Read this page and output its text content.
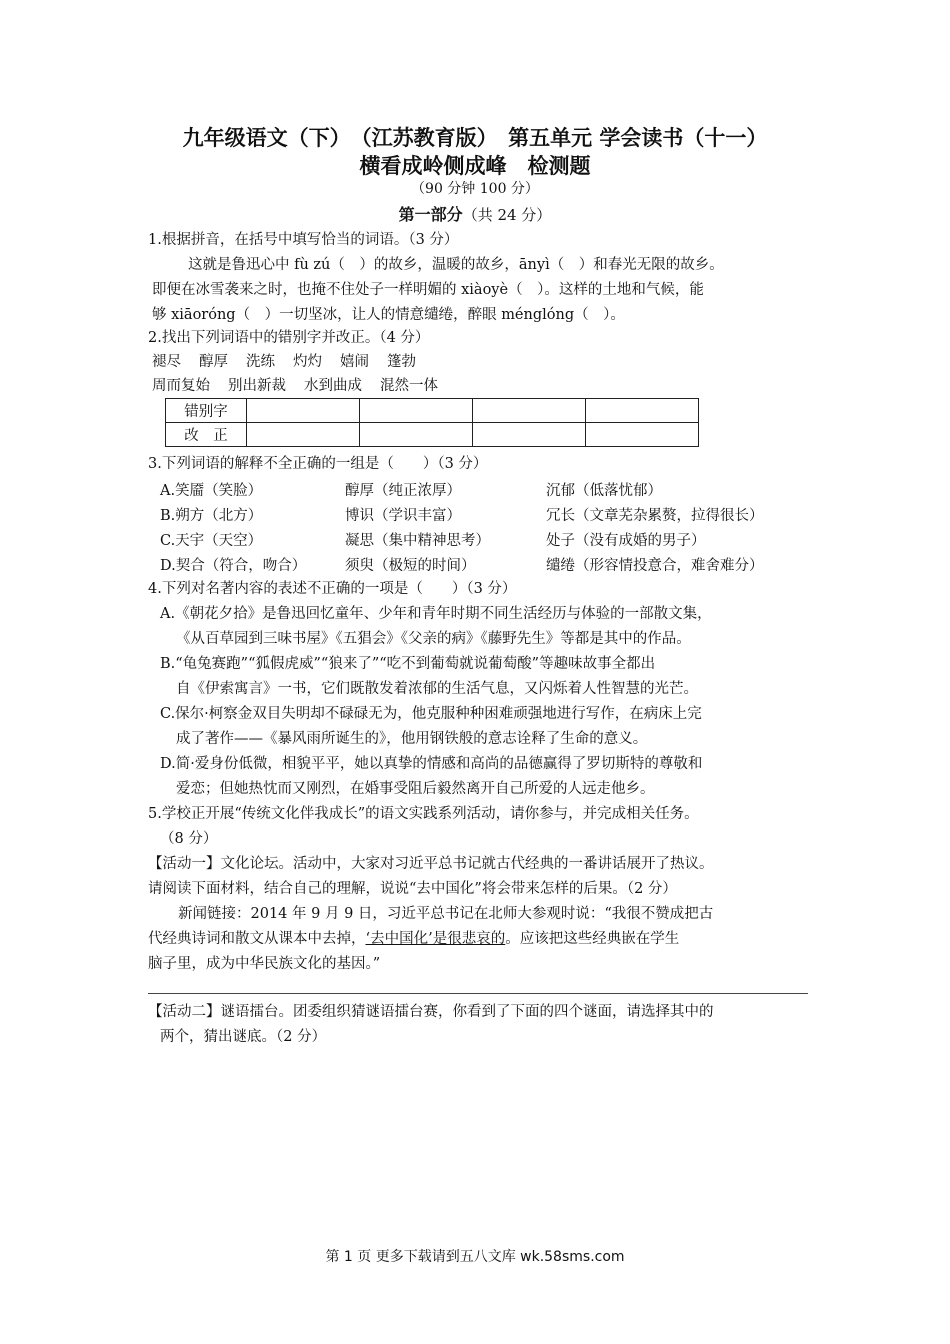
九年级语文（下）　（江苏教育版）　第五单元 学会读书（十一）
横看成岭侧成峰　检测题
（90 分钟 100 分）
第一部分（共 24 分）
1.根据拼音，在括号中填写恰当的词语。（3 分）
这就是鲁迅心中 fù zú（　）的故乡，温暖的故乡，ānyì（　）和春光无限的故乡。
即便在冰雪袭来之时，也掩不住处子一样明媚的 xiàoyè（　）。这样的土地和气候，能
够 xiāoróng（　）一切坚冰，让人的情意缱绻，醉眼 ménglóng（　）。
2.找出下列词语中的错别字并改正。（4 分）
褪尽 醇厚 洗练 灼灼 嬉闹 篷勃
周而复始 别出新裁 水到曲成 混然一体
错别字				
改　正				
3.下列词语的解释不全正确的一组是（　　）（3 分）
A.笑靥（笑脸）	醇厚（纯正浓厚）	沉郁（低落忧郁）
B.朔方（北方）	博识（学识丰富）	冗长（文章芜杂累赘，拉得很长）
C.天宇（天空）	凝思（集中精神思考）	处子（没有成婚的男子）
D.契合（符合，吻合）	须臾（极短的时间）	缱绻（形容情投意合，难舍难分）
4.下列对名著内容的表述不正确的一项是（　　）（3 分）
A.《朝花夕拾》是鲁迅回忆童年、少年和青年时期不同生活经历与体验的一部散文集，
《从百草园到三味书屋》《五猖会》《父亲的病》《藤野先生》等都是其中的作品。
B.“龟兔赛跑”“狐假虎威”“狼来了”“吃不到葡萄就说葡萄酸”等趣味故事全都出
自《伊索寓言》一书，它们既散发着浓郁的生活气息，又闪烁着人性智慧的光芒。
C.保尔·柯察金双目失明却不碌碌无为，他克服种种困难顽强地进行写作，在病床上完
成了著作——《暴风雨所诞生的》，他用钢铁般的意志诠释了生命的意义。
D.简·爱身份低微，相貌平平，她以真挚的情感和高尚的品德赢得了罗切斯特的尊敬和
爱恋；但她热忱而又刚烈，在婚事受阻后毅然离开自己所爱的人远走他乡。
5.学校正开展“传统文化伴我成长”的语文实践系列活动，请你参与，并完成相关任务。
（8 分）
【活动一】文化论坛。活动中，大家对习近平总书记就古代经典的一番讲话展开了热议。
请阅读下面材料，结合自己的理解，说说“去中国化”将会带来怎样的后果。（2 分）
新闻链接：2014 年 9 月 9 日，习近平总书记在北师大参观时说：“我很不赞成把古
代经典诗词和散文从课本中去掉，‘去中国化’是很悲哀的。应该把这些经典嵌在学生
脑子里，成为中华民族文化的基因。”
【活动二】谜语擂台。团委组织猜谜语擂台赛，你看到了下面的四个谜面，请选择其中的
两个，猜出谜底。（2 分）
第 1 页 更多下载请到五八文库 wk.58sms.com
